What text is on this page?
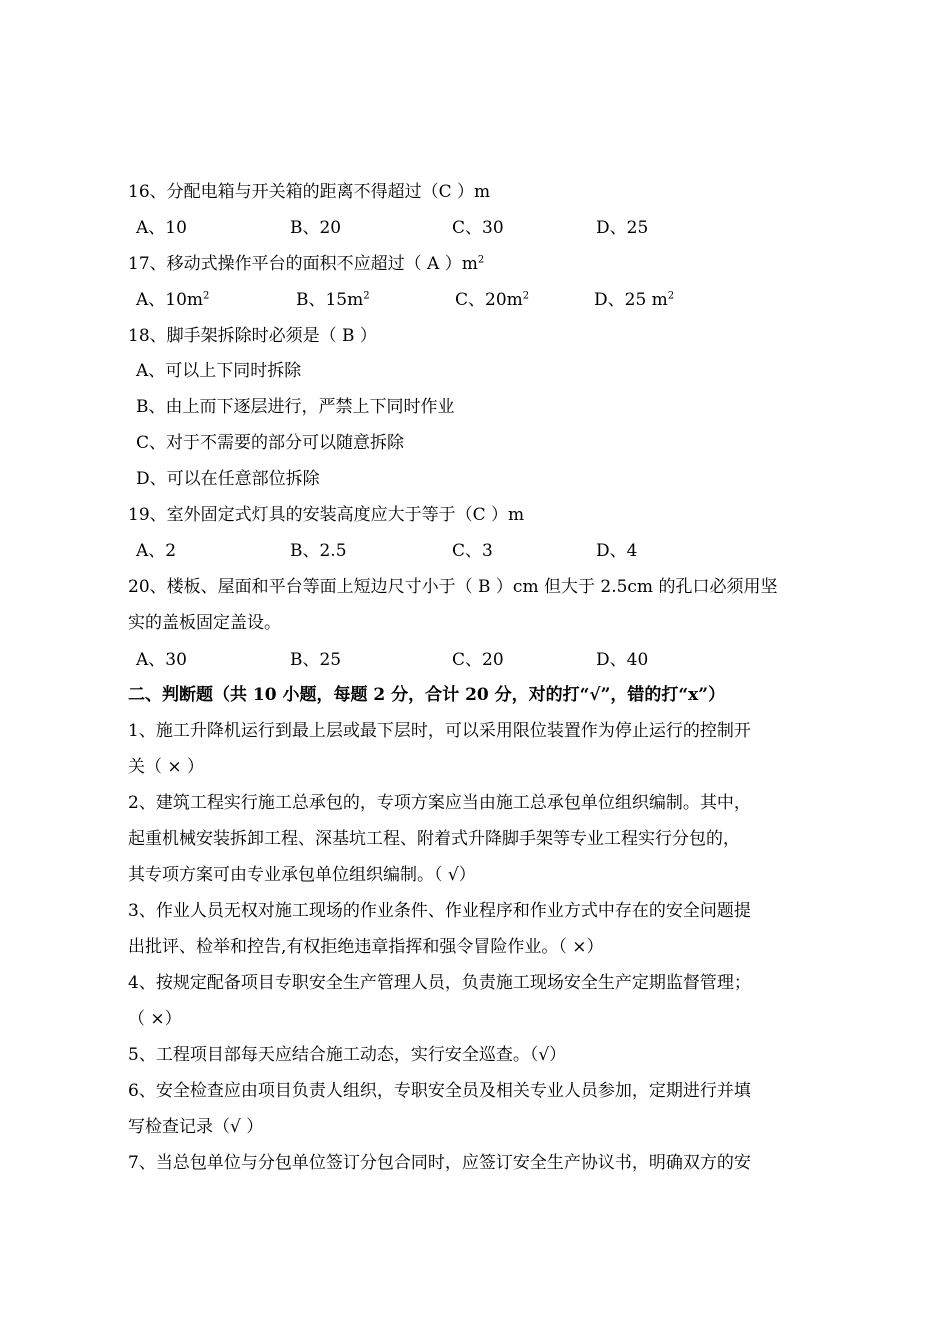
16、分配电箱与开关箱的距离不得超过（C ）m
A、10	B、20	C、30	D、25
17、移动式操作平台的面积不应超过（ A ）$m^2$
A、$10m^2$	B、$15m^2$	C、$20m^2$	D、25 $m^2$
18、脚手架拆除时必须是（ B ）
A、可以上下同时拆除
B、由上而下逐层进行，严禁上下同时作业
C、对于不需要的部分可以随意拆除
D、可以在任意部位拆除
19、室外固定式灯具的安装高度应大于等于（C ）m
A、2	B、2.5	C、3	D、4
20、楼板、屋面和平台等面上短边尺寸小于（ B ）cm 但大于 2.5cm 的孔口必须用坚
实的盖板固定盖设。
A、30	B、25	C、20	D、40
二、判断题（共 10 小题，每题 2 分，合计 20 分，对的打“√”，错的打“x”）
1、施工升降机运行到最上层或最下层时，可以采用限位装置作为停止运行的控制开
关（ × ）
2、建筑工程实行施工总承包的，专项方案应当由施工总承包单位组织编制。其中，
起重机械安装拆卸工程、深基坑工程、附着式升降脚手架等专业工程实行分包的，
其专项方案可由专业承包单位组织编制。（ √）
3、作业人员无权对施工现场的作业条件、作业程序和作业方式中存在的安全问题提
出批评、检举和控告,有权拒绝违章指挥和强令冒险作业。（ ×）
4、按规定配备项目专职安全生产管理人员，负责施工现场安全生产定期监督管理；
（ ×）
5、工程项目部每天应结合施工动态，实行安全巡查。（√）
6、安全检查应由项目负责人组织，专职安全员及相关专业人员参加，定期进行并填
写检查记录（√ ）
7、当总包单位与分包单位签订分包合同时，应签订安全生产协议书，明确双方的安
